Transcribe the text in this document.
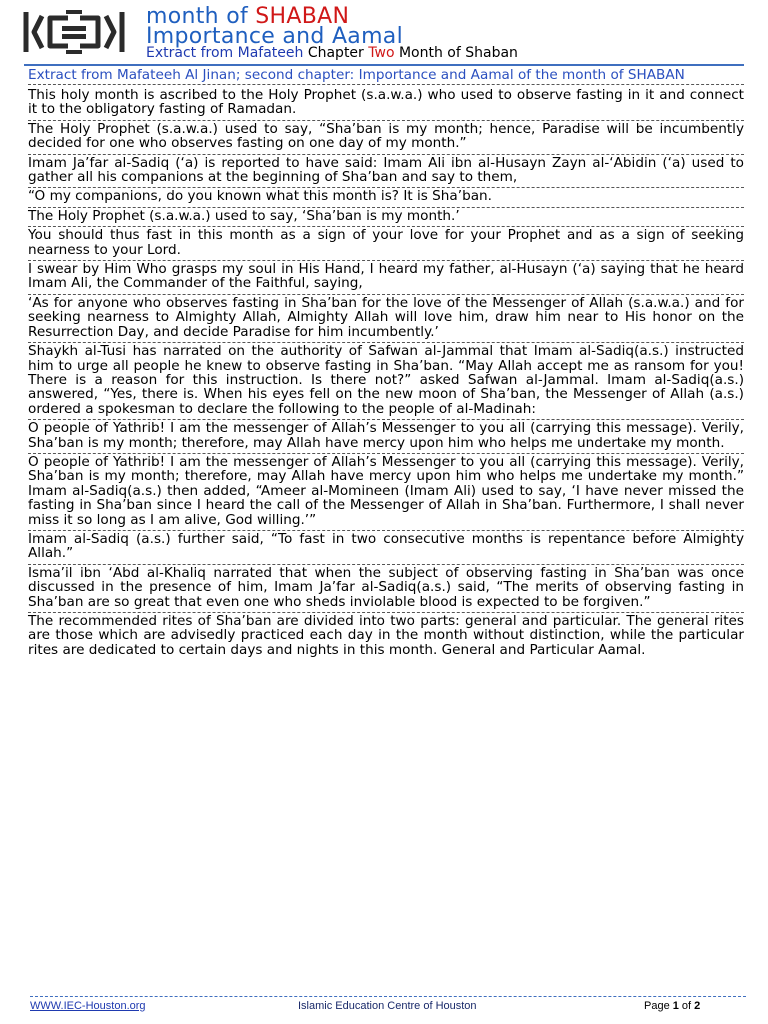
month of SHABAN
Importance and Aamal
Extract from Mafateeh Chapter Two Month of Shaban

Extract from Mafateeh Al Jinan; second chapter: Importance and Aamal of the month of SHABAN

This holy month is ascribed to the Holy Prophet (s.a.w.a.) who used to observe fasting in it and connect it to the obligatory fasting of Ramadan.

The Holy Prophet (s.a.w.a.) used to say, “Sha’ban is my month; hence, Paradise will be incumbently decided for one who observes fasting on one day of my month.”

Imam Ja’far al-Sadiq (‘a) is reported to have said: Imam Ali ibn al-Husayn Zayn al-‘Abidin (‘a) used to gather all his companions at the beginning of Sha’ban and say to them,

“O my companions, do you known what this month is? It is Sha’ban.

The Holy Prophet (s.a.w.a.) used to say, ‘Sha’ban is my month.’

You should thus fast in this month as a sign of your love for your Prophet and as a sign of seeking nearness to your Lord.

I swear by Him Who grasps my soul in His Hand, I heard my father, al-Husayn (‘a) saying that he heard Imam Ali, the Commander of the Faithful, saying,

‘As for anyone who observes fasting in Sha’ban for the love of the Messenger of Allah (s.a.w.a.) and for seeking nearness to Almighty Allah, Almighty Allah will love him, draw him near to His honor on the Resurrection Day, and decide Paradise for him incumbently.’

Shaykh al-Tusi has narrated on the authority of Safwan al-Jammal that Imam al-Sadiq(a.s.) instructed him to urge all people he knew to observe fasting in Sha’ban. “May Allah accept me as ransom for you! There is a reason for this instruction. Is there not?” asked Safwan al-Jammal. Imam al-Sadiq(a.s.) answered, “Yes, there is. When his eyes fell on the new moon of Sha’ban, the Messenger of Allah (a.s.) ordered a spokesman to declare the following to the people of al-Madinah:

O people of Yathrib! I am the messenger of Allah’s Messenger to you all (carrying this message). Verily, Sha’ban is my month; therefore, may Allah have mercy upon him who helps me undertake my month.

O people of Yathrib! I am the messenger of Allah’s Messenger to you all (carrying this message). Verily, Sha’ban is my month; therefore, may Allah have mercy upon him who helps me undertake my month.” Imam al-Sadiq(a.s.) then added, “Ameer al-Momineen (Imam Ali) used to say, ‘I have never missed the fasting in Sha’ban since I heard the call of the Messenger of Allah in Sha’ban. Furthermore, I shall never miss it so long as I am alive, God willing.’”

Imam al-Sadiq (a.s.) further said, “To fast in two consecutive months is repentance before Almighty Allah.”

Isma’il ibn ‘Abd al-Khaliq narrated that when the subject of observing fasting in Sha’ban was once discussed in the presence of him, Imam Ja’far al-Sadiq(a.s.) said, “The merits of observing fasting in Sha’ban are so great that even one who sheds inviolable blood is expected to be forgiven.”

The recommended rites of Sha’ban are divided into two parts: general and particular. The general rites are those which are advisedly practiced each day in the month without distinction, while the particular rites are dedicated to certain days and nights in this month. General and Particular Aamal.

WWW.IEC-Houston.org	Islamic Education Centre of Houston	Page 1 of 2
